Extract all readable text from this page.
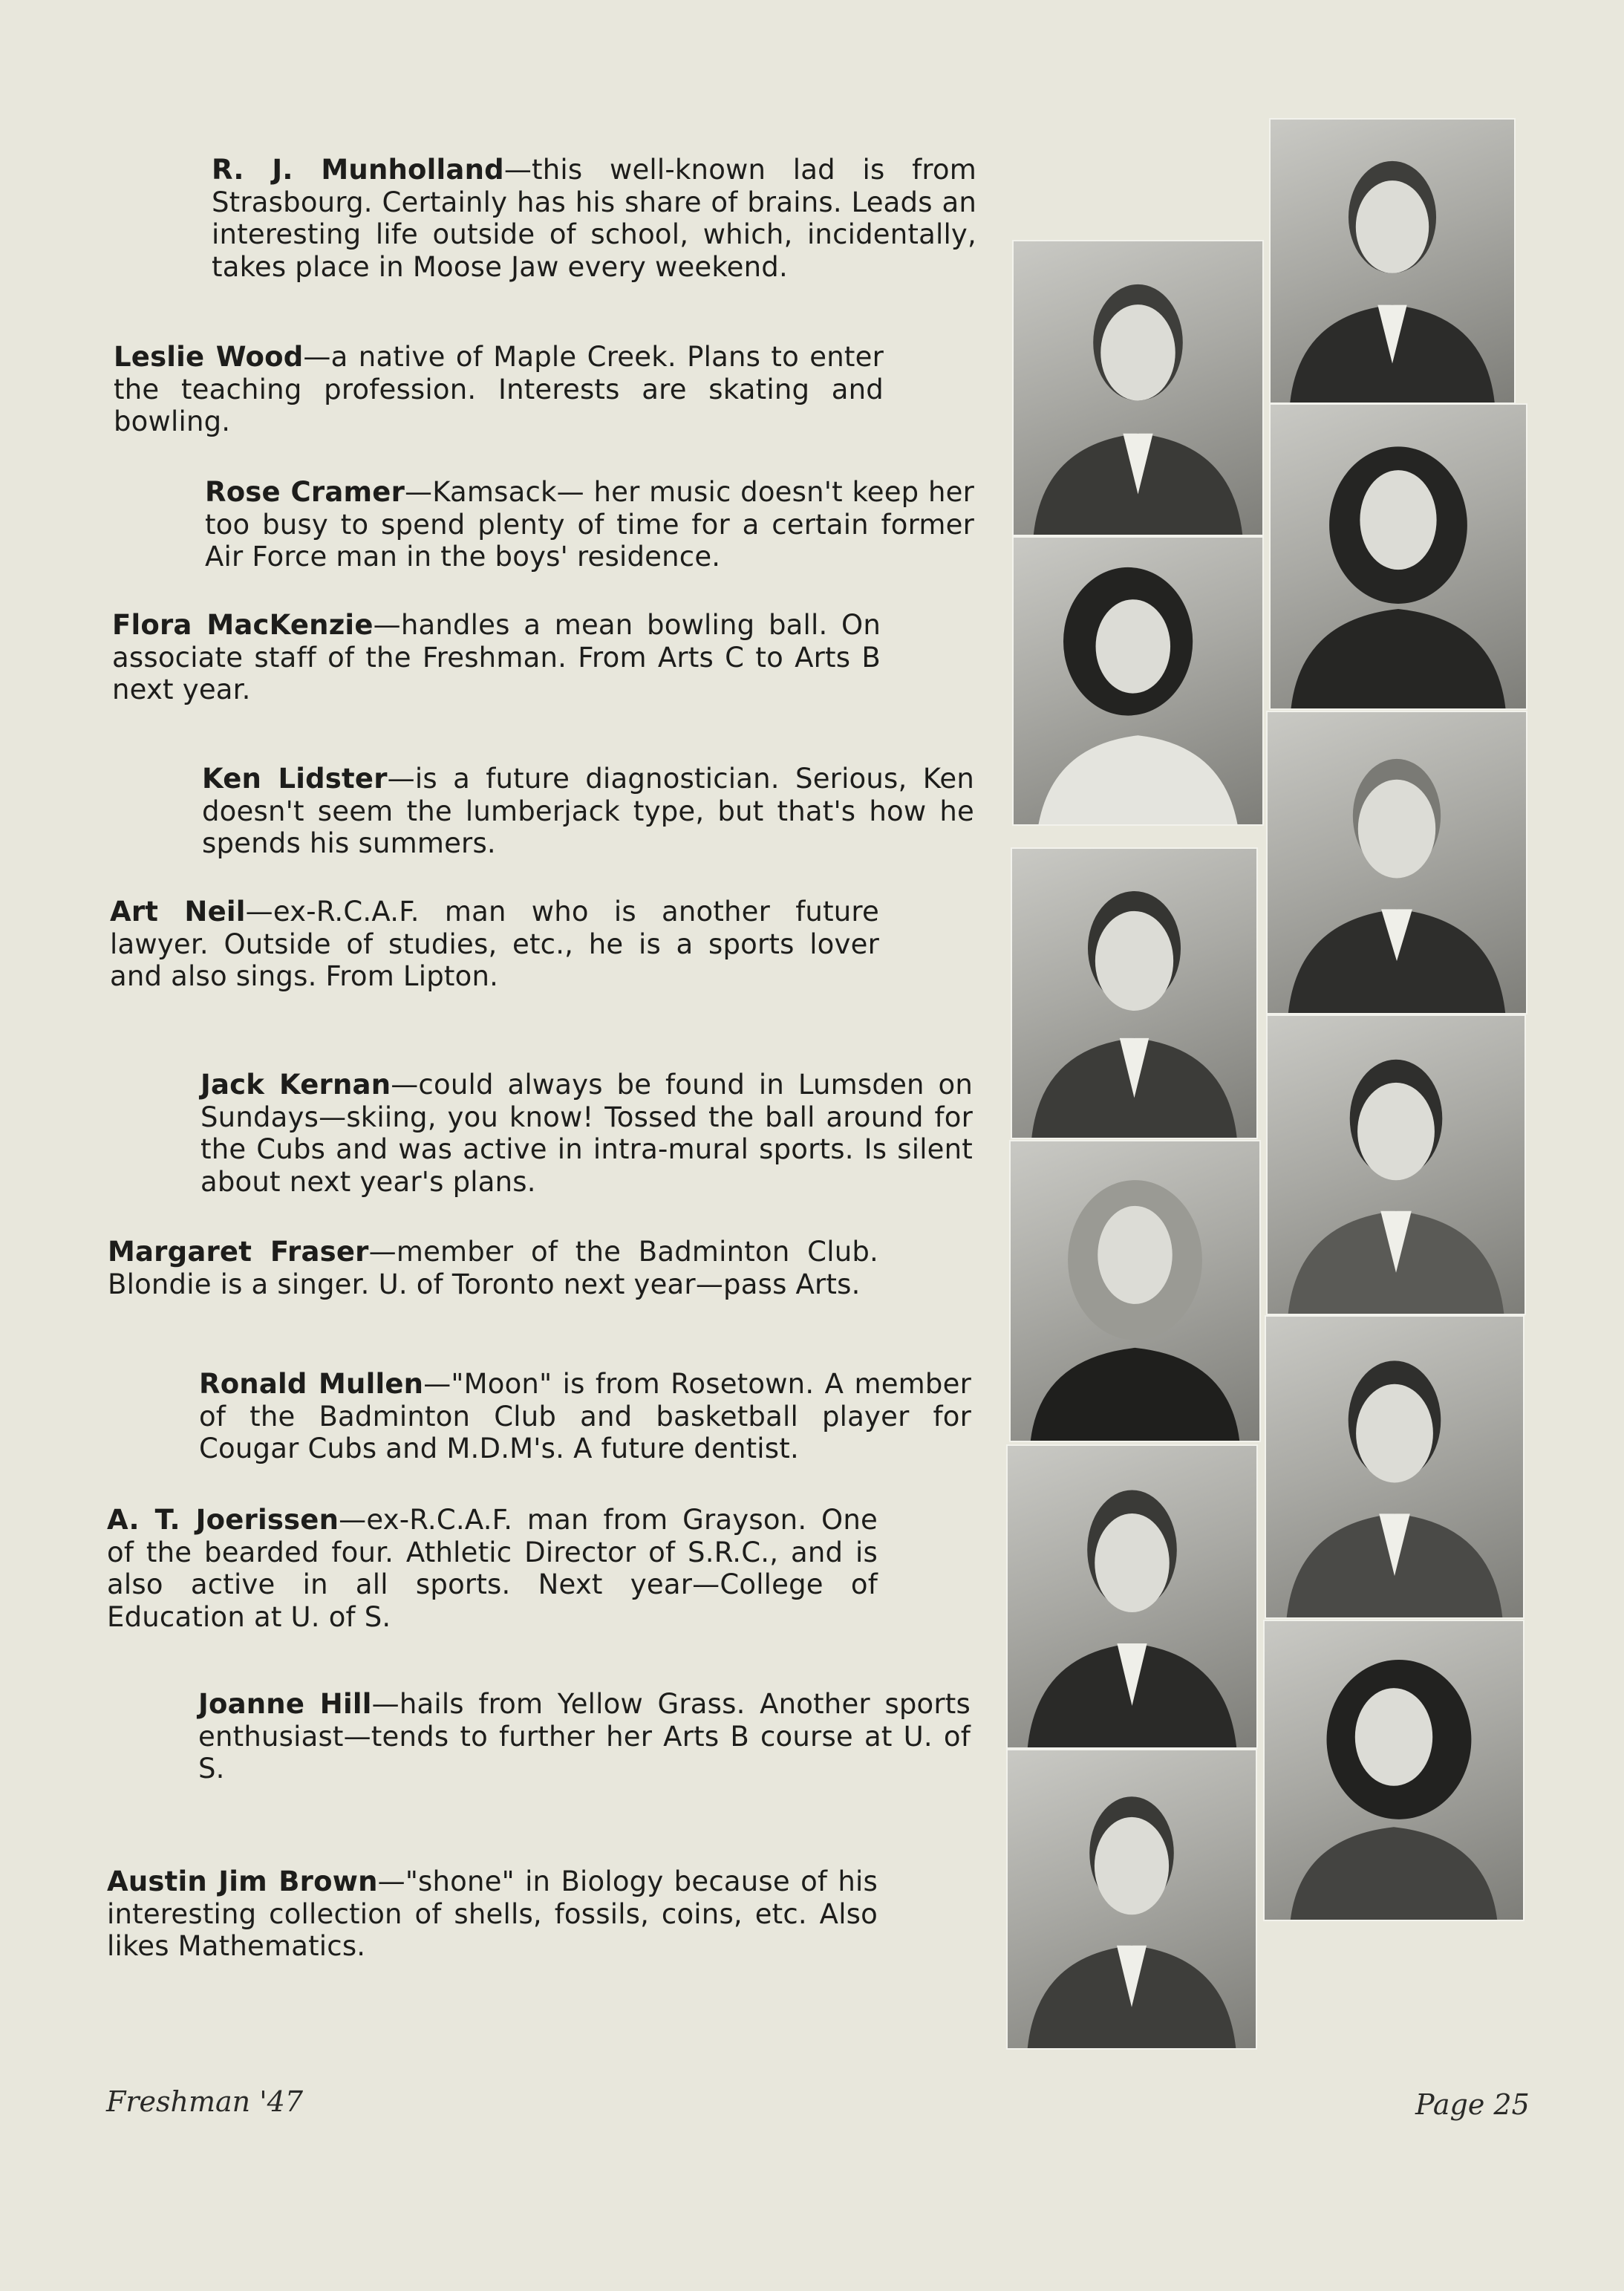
R. J. Munholland—this well-known lad is from Strasbourg. Certainly has his share of brains. Leads an interesting life outside of school, which, incidentally, takes place in Moose Jaw every weekend.
Leslie Wood—a native of Maple Creek. Plans to enter the teaching profession. Interests are skating and bowling.
Rose Cramer—Kamsack— her music doesn't keep her too busy to spend plenty of time for a certain former Air Force man in the boys' residence.
Flora MacKenzie—handles a mean bowling ball. On associate staff of the Freshman. From Arts C to Arts B next year.
Ken Lidster—is a future diagnostician. Serious, Ken doesn't seem the lumberjack type, but that's how he spends his summers.
Art Neil—ex-R.C.A.F. man who is another future lawyer. Outside of studies, etc., he is a sports lover and also sings. From Lipton.
Jack Kernan—could always be found in Lumsden on Sundays—skiing, you know! Tossed the ball around for the Cubs and was active in intra-mural sports. Is silent about next year's plans.
Margaret Fraser—member of the Badminton Club. Blondie is a singer. U. of Toronto next year—pass Arts.
Ronald Mullen—"Moon" is from Rosetown. A member of the Badminton Club and basketball player for Cougar Cubs and M.D.M's. A future dentist.
A. T. Joerissen—ex-R.C.A.F. man from Grayson. One of the bearded four. Athletic Director of S.R.C., and is also active in all sports. Next year—College of Education at U. of S.
Joanne Hill—hails from Yellow Grass. Another sports enthusiast—tends to further her Arts B course at U. of S.
Austin Jim Brown—"shone" in Biology because of his interesting collection of shells, fossils, coins, etc. Also likes Mathematics.
Freshman '47	Page 25
